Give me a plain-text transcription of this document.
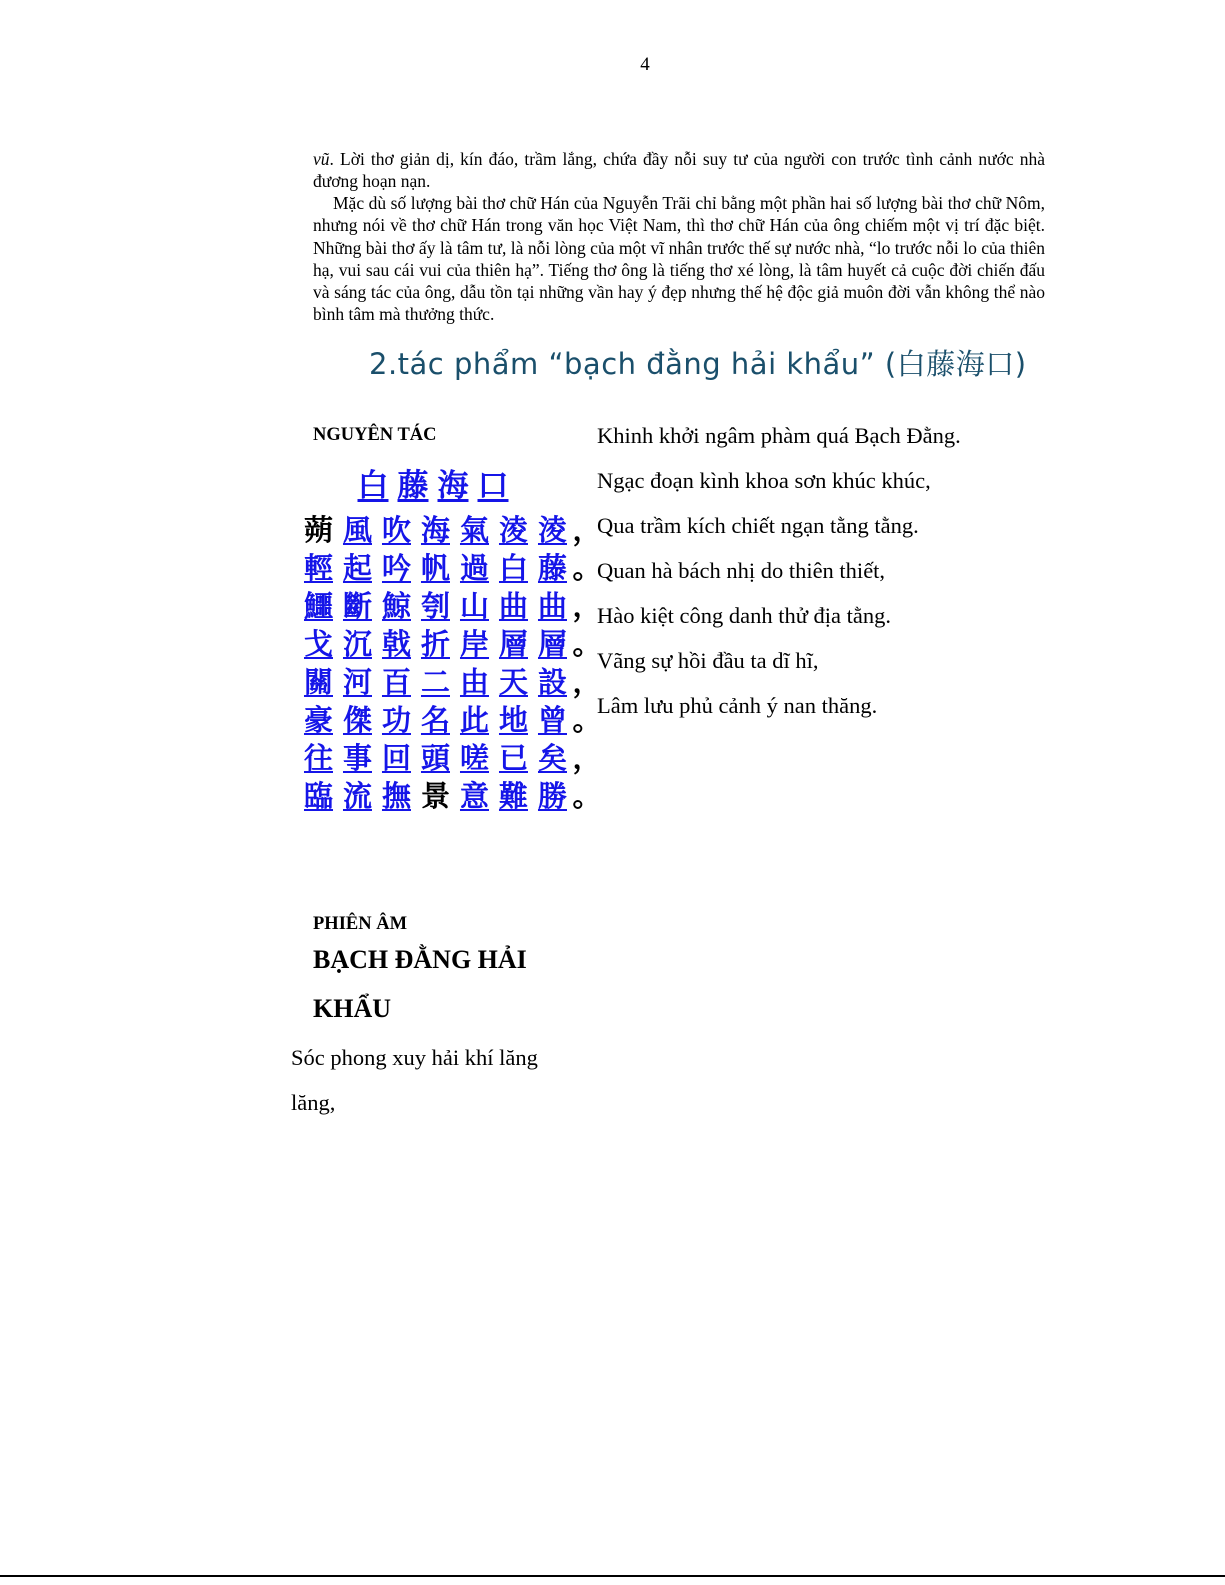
4

vũ. Lời thơ giản dị, kín đáo, trầm lắng, chứa đầy nỗi suy tư của người con trước tình cảnh nước nhà đương hoạn nạn.

Mặc dù số lượng bài thơ chữ Hán của Nguyễn Trãi chỉ bằng một phần hai số lượng bài thơ chữ Nôm, nhưng nói về thơ chữ Hán trong văn học Việt Nam, thì thơ chữ Hán của ông chiếm một vị trí đặc biệt. Những bài thơ ấy là tâm tư, là nỗi lòng của một vĩ nhân trước thế sự nước nhà, “lo trước nỗi lo của thiên hạ, vui sau cái vui của thiên hạ”. Tiếng thơ ông là tiếng thơ xé lòng, là tâm huyết cả cuộc đời chiến đấu và sáng tác của ông, dẫu tồn tại những vần hay ý đẹp nhưng thế hệ độc giả muôn đời vẫn không thể nào bình tâm mà thưởng thức.

2.tác phẩm “bạch đằng hải khẩu” (白藤海口)
NGUYÊN TÁC
白 藤 海 口
蒴 風 吹 海 氣 淩 淩 ，
輕 起 吟 帆 過 白 藤 。
鱷 斷 鯨 刳 山 曲 曲 ，
戈 沉 戟 折 岸 層 層 。
關 河 百 二 由 天 設 ，
豪 傑 功 名 此 地 曾 。
往 事 回 頭 嗟 已 矣 ，
臨 流 撫 景 意 難 勝 。
Khinh khởi ngâm phàm quá Bạch Đằng.
Ngạc đoạn kình khoa sơn khúc khúc,
Qua trầm kích chiết ngạn tằng tằng.
Quan hà bách nhị do thiên thiết,
Hào kiệt công danh thử địa tằng.
Vãng sự hồi đầu ta dĩ hĩ,
Lâm lưu phủ cảnh ý nan thăng.
PHIÊN ÂM
BẠCH ĐẰNG HẢI
KHẨU
Sóc phong xuy hải khí lăng
lăng,
